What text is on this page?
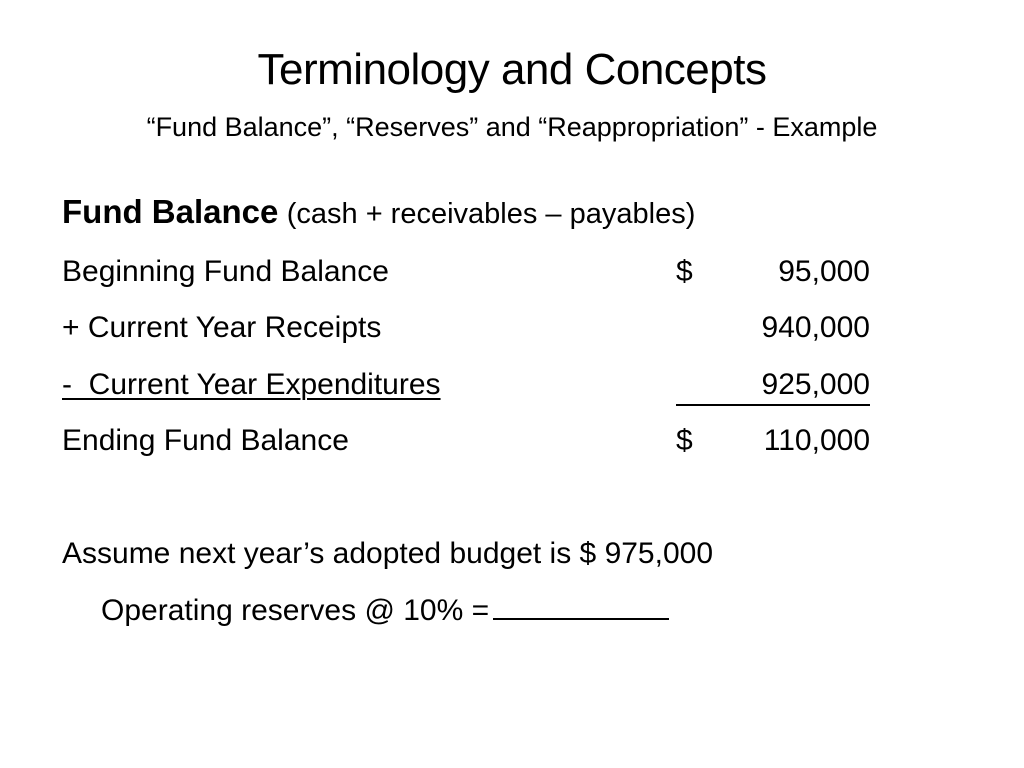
Terminology and Concepts
“Fund Balance”, “Reserves” and “Reappropriation” - Example
Fund Balance (cash + receivables – payables)
Beginning Fund Balance	$	95,000
+ Current Year Receipts	940,000
-  Current Year Expenditures	925,000
Ending Fund Balance	$ 110,000
Assume next year’s adopted budget is $ 975,000
Operating reserves @ 10% =
